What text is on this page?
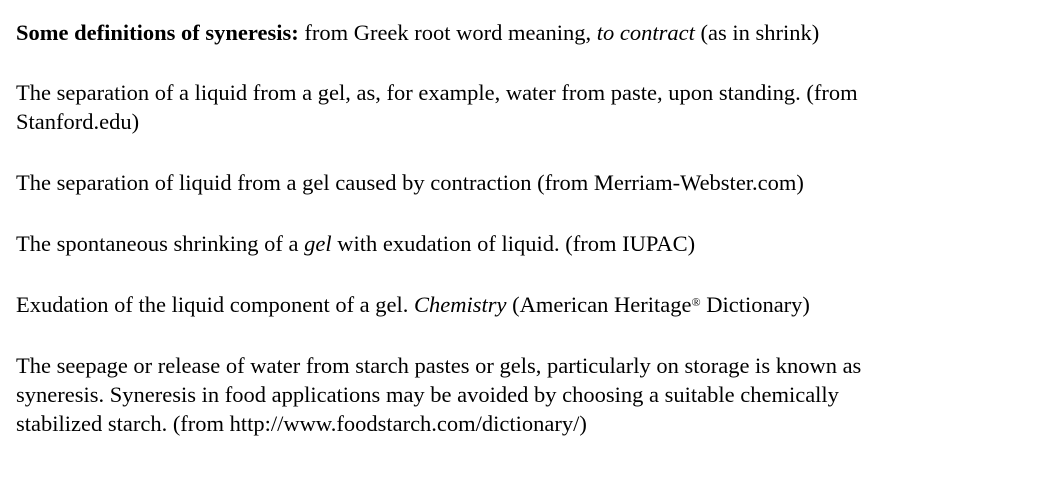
Some definitions of syneresis: from Greek root word meaning, to contract (as in shrink)

The separation of a liquid from a gel, as, for example, water from paste, upon standing. (from
Stanford.edu)

The separation of liquid from a gel caused by contraction (from Merriam-Webster.com)

The spontaneous shrinking of a gel with exudation of liquid. (from IUPAC)

Exudation of the liquid component of a gel. Chemistry (American Heritage® Dictionary)

The seepage or release of water from starch pastes or gels, particularly on storage is known as
syneresis. Syneresis in food applications may be avoided by choosing a suitable chemically
stabilized starch. (from http://www.foodstarch.com/dictionary/)
